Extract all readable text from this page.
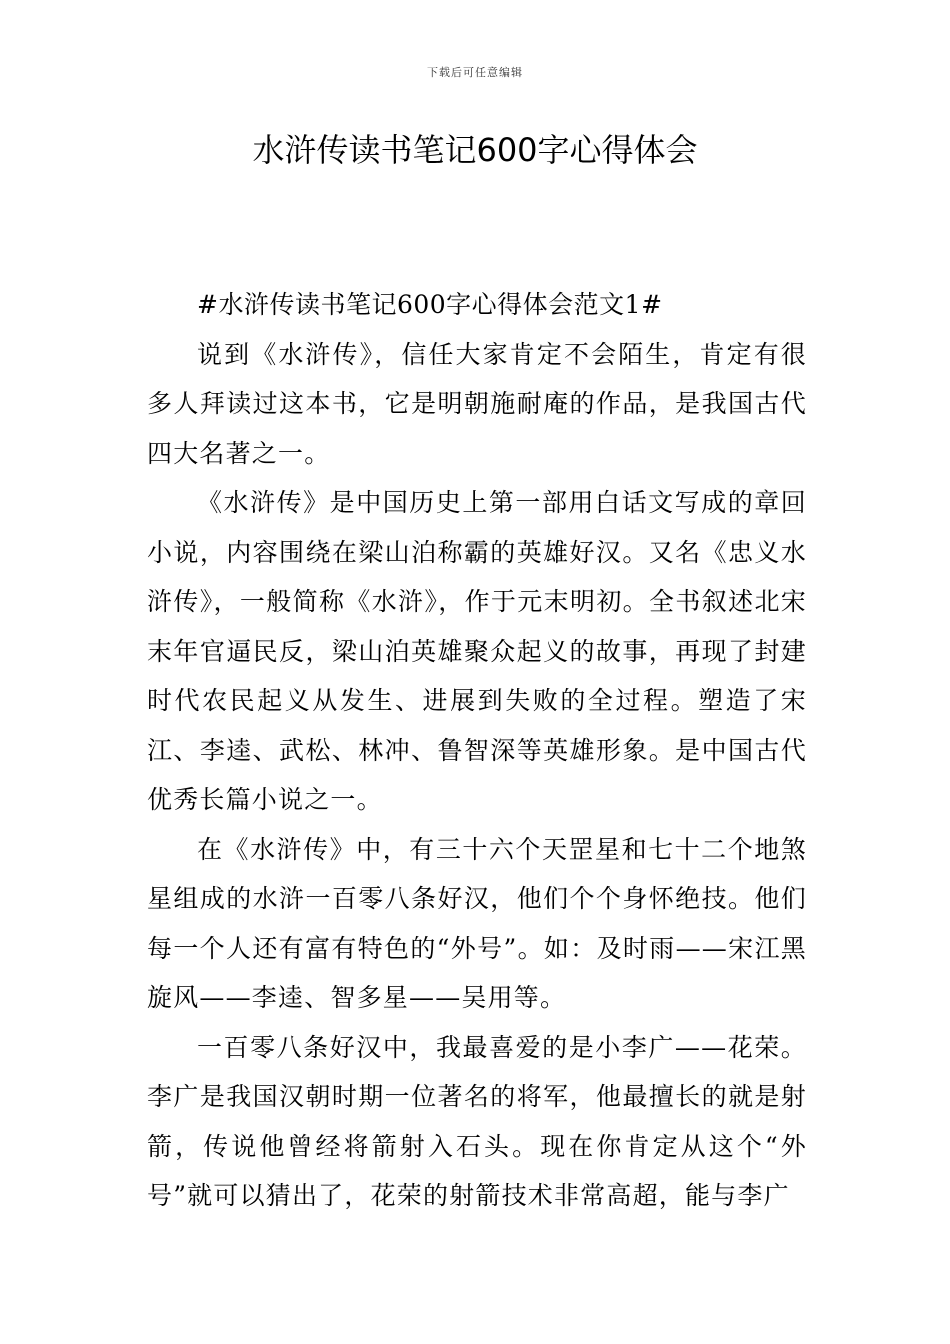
下载后可任意编辑
水浒传读书笔记600字心得体会
#水浒传读书笔记600字心得体会范文1#

说到《水浒传》，信任大家肯定不会陌生，肯定有很多人拜读过这本书，它是明朝施耐庵的作品，是我国古代四大名著之一。

《水浒传》是中国历史上第一部用白话文写成的章回小说，内容围绕在梁山泊称霸的英雄好汉。又名《忠义水浒传》，一般简称《水浒》，作于元末明初。全书叙述北宋末年官逼民反，梁山泊英雄聚众起义的故事，再现了封建时代农民起义从发生、进展到失败的全过程。塑造了宋江、李逵、武松、林冲、鲁智深等英雄形象。是中国古代优秀长篇小说之一。

在《水浒传》中，有三十六个天罡星和七十二个地煞星组成的水浒一百零八条好汉，他们个个身怀绝技。他们每一个人还有富有特色的“外号”。如：及时雨——宋江黑旋风——李逵、智多星——吴用等。

一百零八条好汉中，我最喜爱的是小李广——花荣。李广是我国汉朝时期一位著名的将军，他最擅长的就是射箭，传说他曾经将箭射入石头。现在你肯定从这个“外号”就可以猜出了，花荣的射箭技术非常高超，能与李广
